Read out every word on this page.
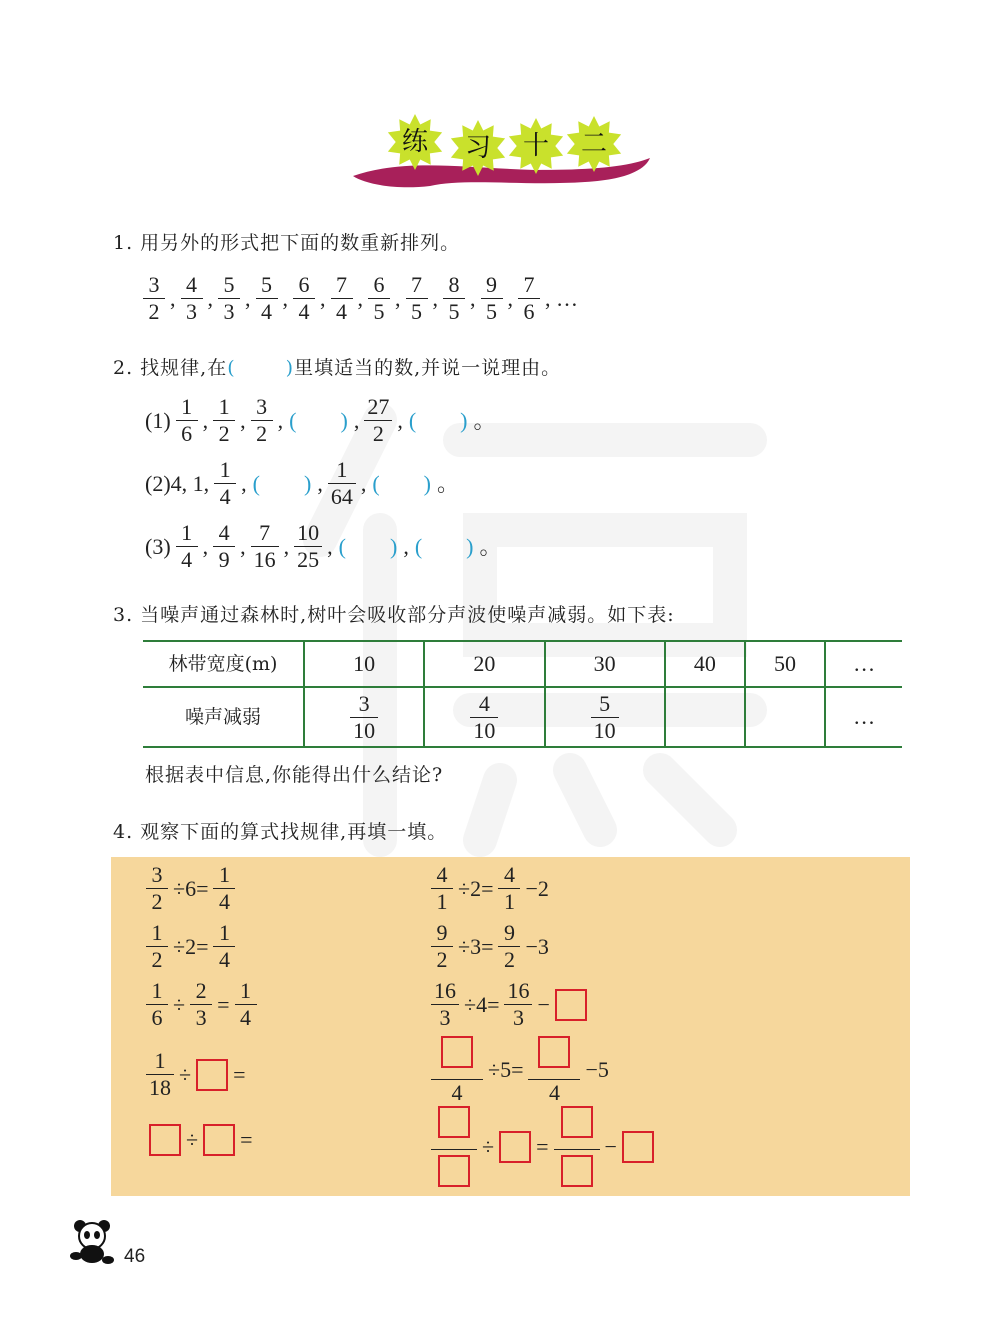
练 习 十 二
1. 用另外的形式把下面的数重新排列。
$\frac{3}{2}$ , $\frac{4}{3}$ , $\frac{5}{3}$ , $\frac{5}{4}$ , $\frac{6}{4}$ , $\frac{7}{4}$ , $\frac{6}{5}$ , $\frac{7}{5}$ , $\frac{8}{5}$ , $\frac{9}{5}$ , $\frac{7}{6}$ , …
2. 找规律,在 (	) 里填适当的数,并说一说理由。
$(1) \frac{1}{6}$ , $\frac{1}{2}$ , $\frac{3}{2}$ , ( ) , $\frac{27}{2}$ , ( ) 。
(2)4, 1, $\frac{1}{4}$ , ( ) , $\frac{1}{64}$ , ( ) 。
$(3) \frac{1}{4}$ , $\frac{4}{9}$ , $\frac{7}{16}$ , $\frac{10}{25}$ , ( ) , ( ) 。
3. 当噪声通过森林时,树叶会吸收部分声波使噪声减弱。如下表:
林带宽度(m)	10	20	30	40	50	…
噪声减弱	$\frac{3}{10}$	$\frac{4}{10}$	$\frac{5}{10}$			…
根据表中信息,你能得出什么结论?
4. 观察下面的算式找规律,再填一填。
$\frac{3}{2} \div 6= \frac{1}{4}$
$\frac{1}{2} \div 2= \frac{1}{4}$
$\frac{1}{6} \div \frac{2}{3} = \frac{1}{4}$
$\frac{1}{18}$ ÷ =
÷ =
$\frac{4}{1} \div 2= \frac{4}{1} -2$
$\frac{9}{2} \div 3= \frac{9}{2} -3$
$\frac{16}{3} \div 4= \frac{16}{3}$ −
4
÷5=
4
−5
÷ =	−
46
